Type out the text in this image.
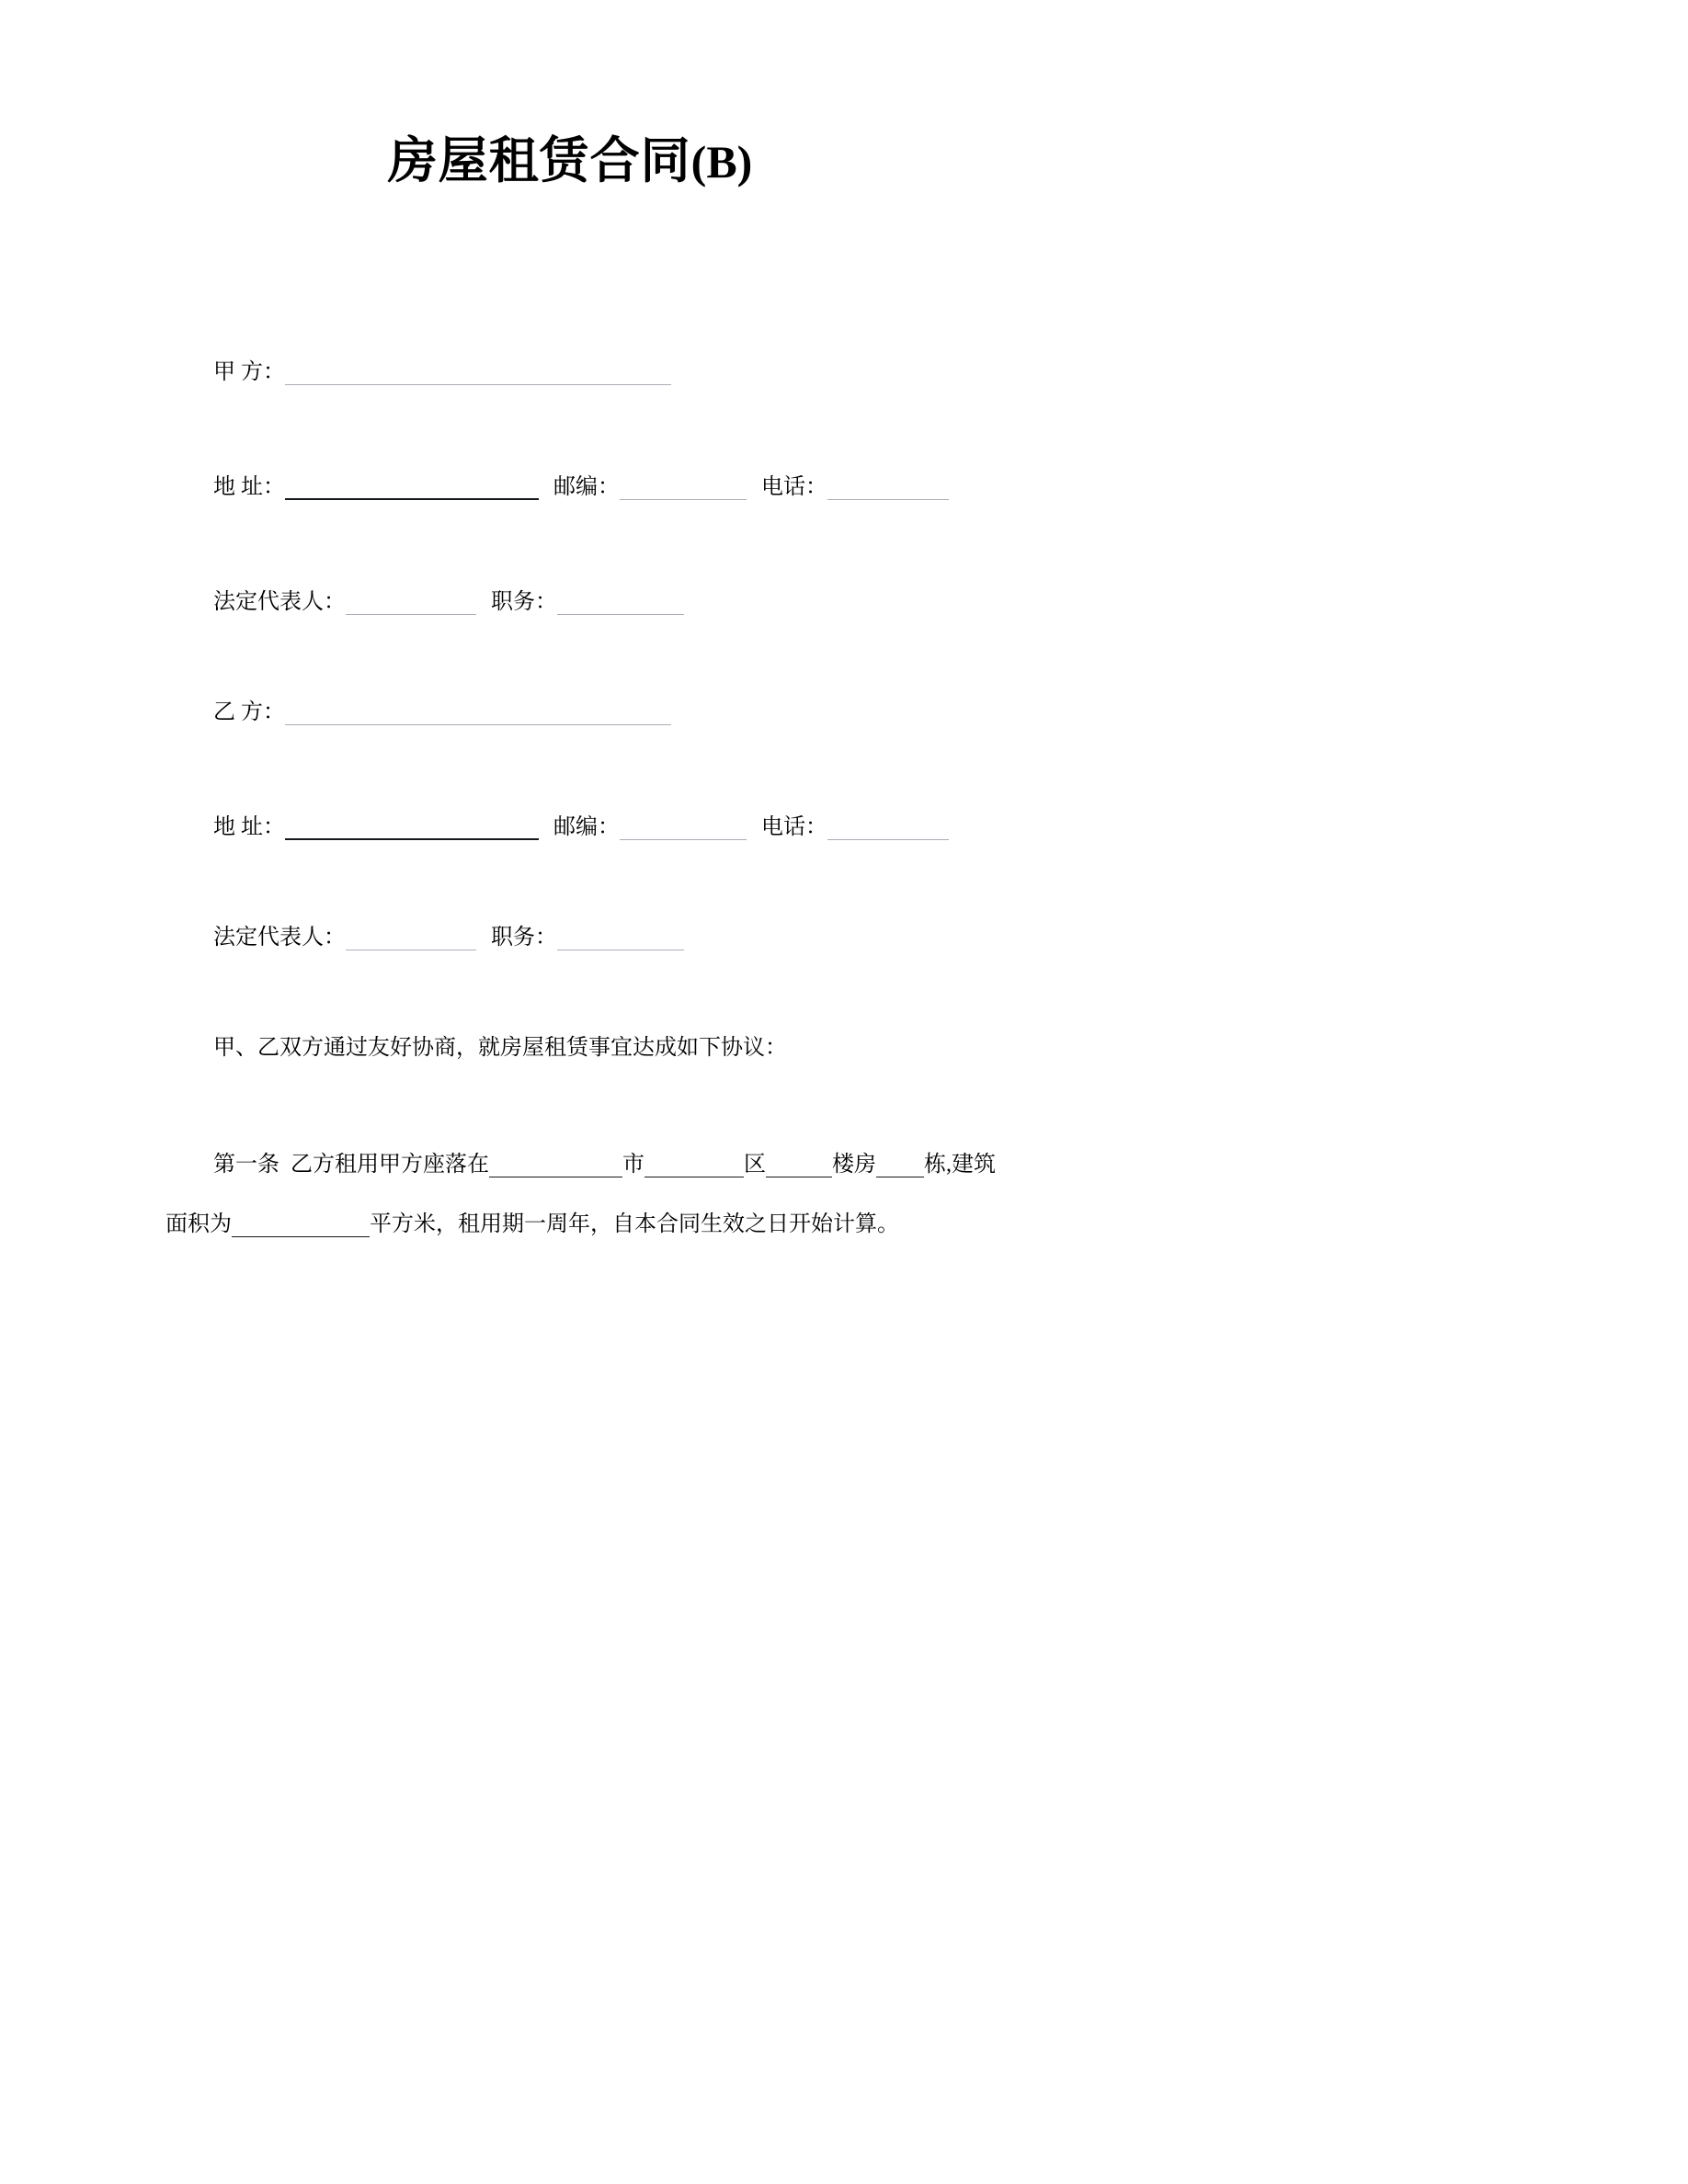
房屋租赁合同(B)
甲 方：
地 址：	邮编：	电话：
法定代表人：	职务：
乙 方：
地 址：	邮编：	电话：
法定代表人：	职务：
甲、乙双方通过友好协商，就房屋租赁事宜达成如下协议：
第一条  乙方租用甲方座落在	市	区	楼房 栋,建筑
面积为	平方米，租用期一周年，自本合同生效之日开始计算。
